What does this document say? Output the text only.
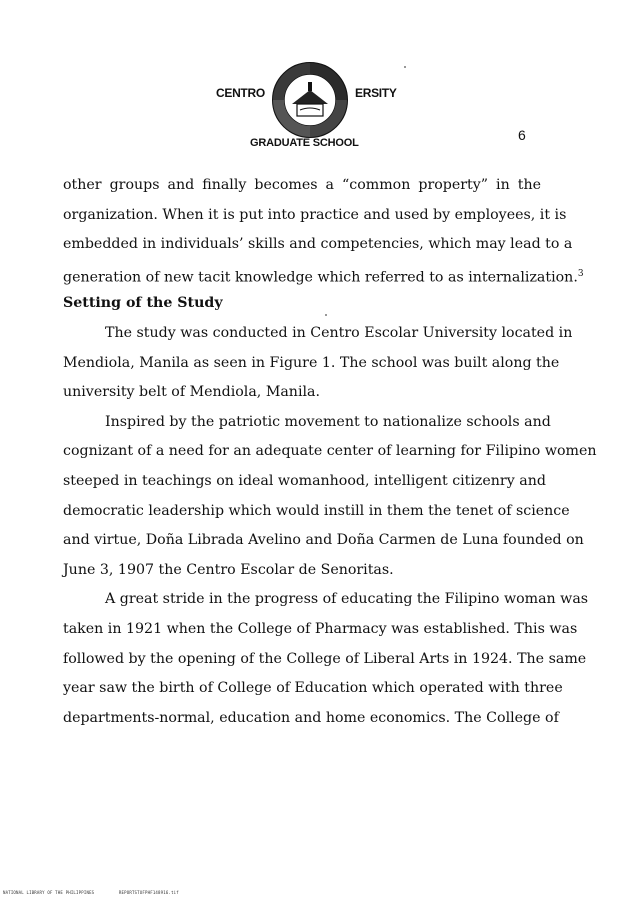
CENTRO	ERSITY
GRADUATE SCHOOL	6
other groups and finally becomes a “common property” in the
organization. When it is put into practice and used by employees, it is
embedded in individuals’ skills and competencies, which may lead to a
generation of new tacit knowledge which referred to as internalization.$^3$
Setting of the Study
The study was conducted in Centro Escolar University located in
Mendiola, Manila as seen in Figure 1. The school was built along the
university belt of Mendiola, Manila.
Inspired by the patriotic movement to nationalize schools and
cognizant of a need for an adequate center of learning for Filipino women
steeped in teachings on ideal womanhood, intelligent citizenry and
democratic leadership which would instill in them the tenet of science
and virtue, Doña Librada Avelino and Doña Carmen de Luna founded on
June 3, 1907 the Centro Escolar de Senoritas.
A great stride in the progress of educating the Filipino woman was
taken in 1921 when the College of Pharmacy was established. This was
followed by the opening of the College of Liberal Arts in 1924. The same
year saw the birth of College of Education which operated with three
departments-normal, education and home economics. The College of
NATIONAL LIBRARY OF THE PHILIPPINES	REPORTSTUFPHF148916.tif
